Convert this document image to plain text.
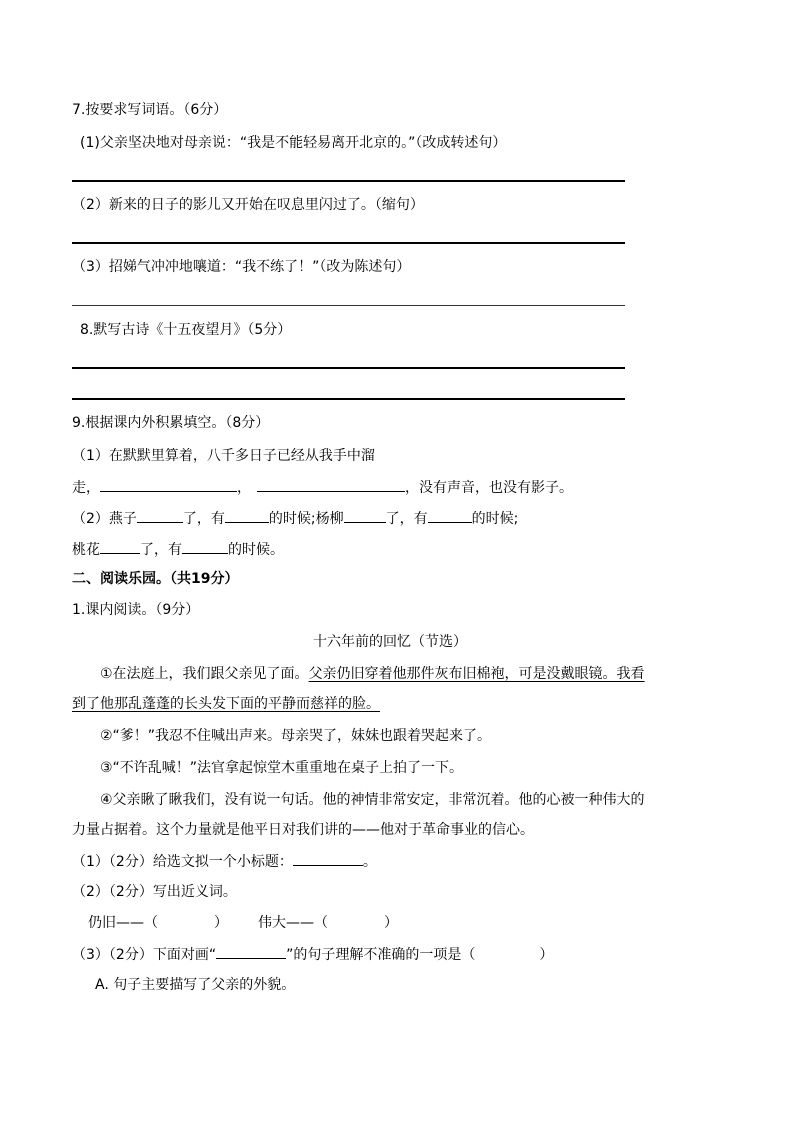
7.按要求写词语。（6分）
(1)父亲坚决地对母亲说：“我是不能轻易离开北京的。”（改成转述句）
（2）新来的日子的影儿又开始在叹息里闪过了。（缩句）
（3）招娣气冲冲地嚷道：“我不练了！”（改为陈述句）
8.默写古诗《十五夜望月》（5分）
9.根据课内外积累填空。（8分）
（1）在默默里算着，八千多日子已经从我手中溜
走，	，	，没有声音，也没有影子。
（2）燕子	了，有	的时候;杨柳	了，有	的时候;
桃花	了，有	的时候。
二、阅读乐园。（共19分）
1.课内阅读。（9分）
十六年前的回忆（节选）
①在法庭上，我们跟父亲见了面。父亲仍旧穿着他那件灰布旧棉袍，可是没戴眼镜。我看
到了他那乱蓬蓬的长头发下面的平静而慈祥的脸。
②“爹！”我忍不住喊出声来。母亲哭了，妹妹也跟着哭起来了。
③“不许乱喊！”法官拿起惊堂木重重地在桌子上拍了一下。
④父亲瞅了瞅我们，没有说一句话。他的神情非常安定，非常沉着。他的心被一种伟大的
力量占据着。这个力量就是他平日对我们讲的——他对于革命事业的信心。
（1）（2分）给选文拟一个小标题：	。
（2）（2分）写出近义词。
仍旧——（	） 伟大——（	）
（3）（2分）下面对画“	”的句子理解不准确的一项是（	）
A. 句子主要描写了父亲的外貌。
